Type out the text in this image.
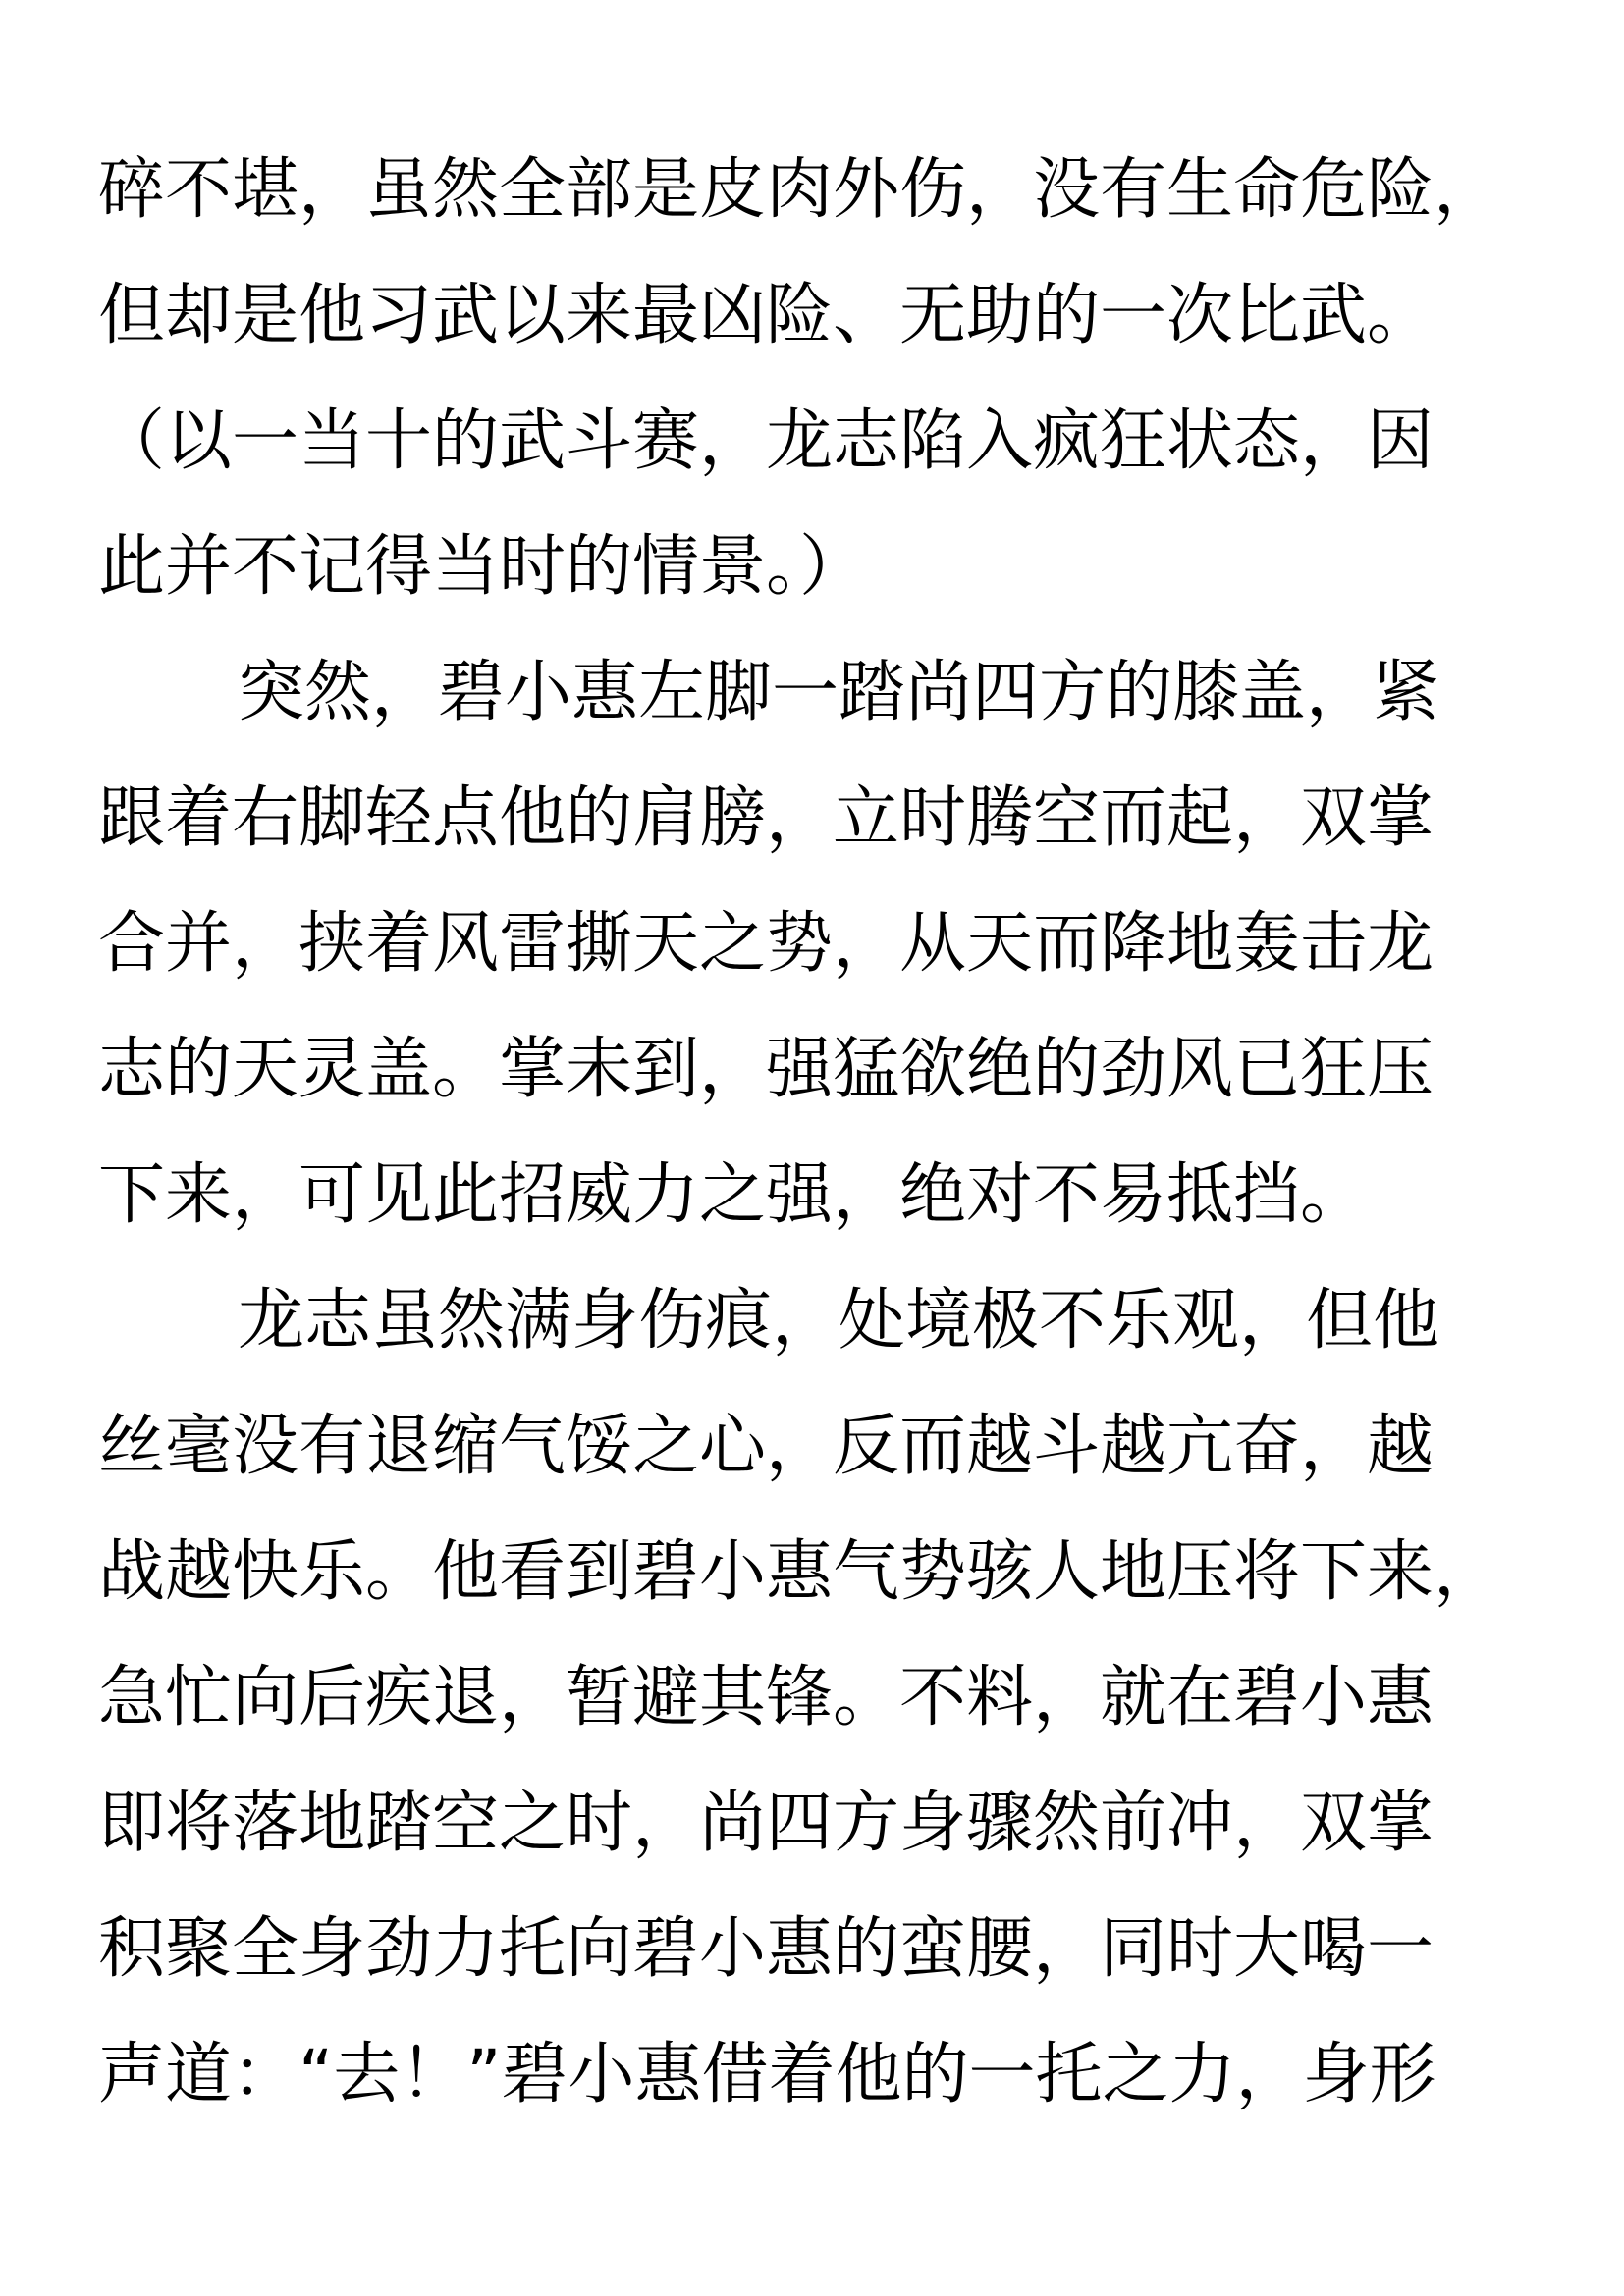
碎不堪，虽然全部是皮肉外伤，没有生命危险，
但却是他习武以来最凶险、无助的一次比武。
（以一当十的武斗赛，龙志陷入疯狂状态，因
此并不记得当时的情景。）
突然，碧小惠左脚一踏尚四方的膝盖，紧
跟着右脚轻点他的肩膀，立时腾空而起，双掌
合并，挟着风雷撕天之势，从天而降地轰击龙
志的天灵盖。掌未到，强猛欲绝的劲风已狂压
下来，可见此招威力之强，绝对不易抵挡。
龙志虽然满身伤痕，处境极不乐观，但他
丝毫没有退缩气馁之心，反而越斗越亢奋，越
战越快乐。他看到碧小惠气势骇人地压将下来，
急忙向后疾退，暂避其锋。不料，就在碧小惠
即将落地踏空之时，尚四方身骤然前冲，双掌
积聚全身劲力托向碧小惠的蛮腰，同时大喝一
声道：“去！”碧小惠借着他的一托之力，身形
